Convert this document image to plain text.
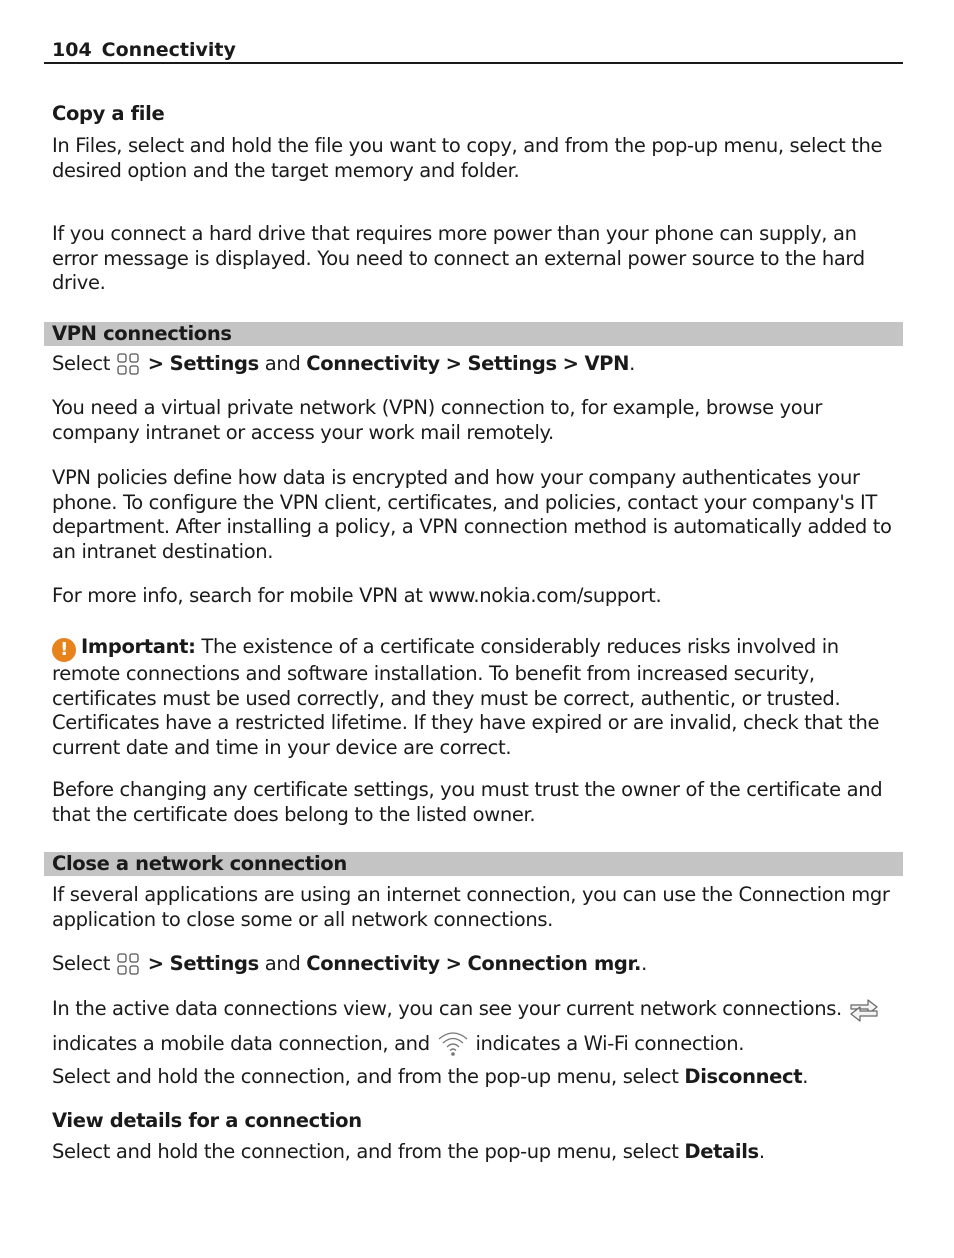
104 Connectivity
Copy a file
In Files, select and hold the file you want to copy, and from the pop-up menu, select the desired option and the target memory and folder.
If you connect a hard drive that requires more power than your phone can supply, an error message is displayed. You need to connect an external power source to the hard drive.
VPN connections
Select > Settings and Connectivity > Settings > VPN.
You need a virtual private network (VPN) connection to, for example, browse your company intranet or access your work mail remotely.
VPN policies define how data is encrypted and how your company authenticates your phone. To configure the VPN client, certificates, and policies, contact your company's IT department. After installing a policy, a VPN connection method is automatically added to an intranet destination.
For more info, search for mobile VPN at www.nokia.com/support.
! Important: The existence of a certificate considerably reduces risks involved in remote connections and software installation. To benefit from increased security, certificates must be used correctly, and they must be correct, authentic, or trusted. Certificates have a restricted lifetime. If they have expired or are invalid, check that the current date and time in your device are correct.
Before changing any certificate settings, you must trust the owner of the certificate and that the certificate does belong to the listed owner.
Close a network connection
If several applications are using an internet connection, you can use the Connection mgr application to close some or all network connections.
Select > Settings and Connectivity > Connection mgr..
In the active data connections view, you can see your current network connections.
indicates a mobile data connection, and indicates a Wi-Fi connection.
Select and hold the connection, and from the pop-up menu, select Disconnect.
View details for a connection
Select and hold the connection, and from the pop-up menu, select Details.
